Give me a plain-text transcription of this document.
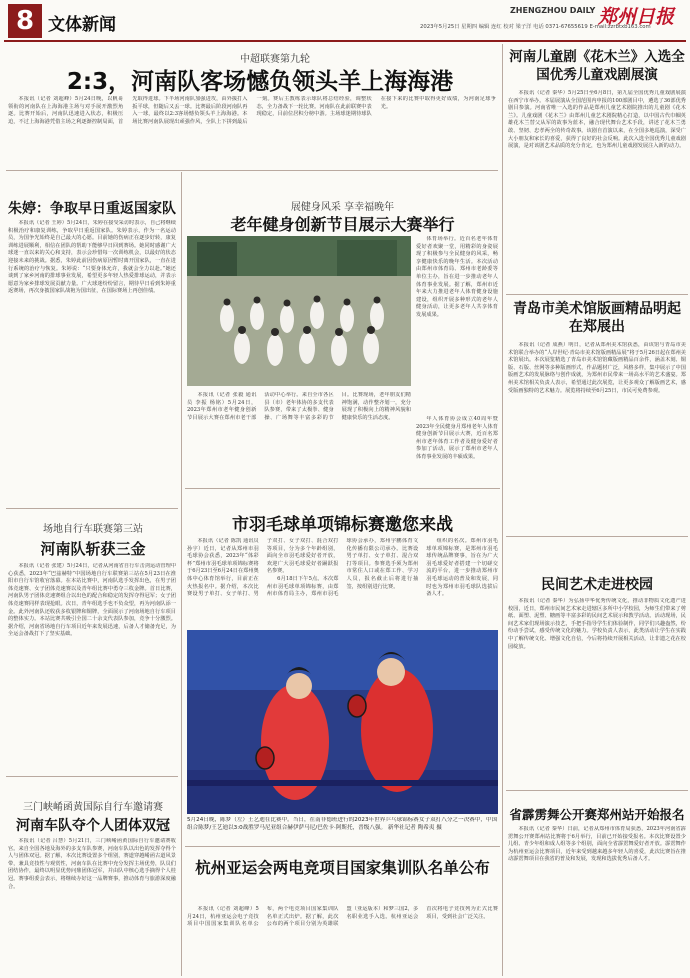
8 文体新闻
ZHENGZHOU DAILY 郑州日报
2023年5月25日 星期四 编辑 连红 校对 梁子洋 电话 0371-67655619 E-mail:zzrbtxb163.com
中超联赛第九轮
2:3，河南队客场憾负领头羊上海海港

本报讯（记者 刘超峰）5月24日晚，以帆哥领衔的河南队在上海海港主场与对手展开激烈角逐。比赛开始后，河南队迅速进入状态，积极压迫，不过上海海港凭借主场之利逐渐控制局面，首先取得进球。下半场河南队加强进攻，由外援打入扳平球，但随后又丢一球。比赛最后阶段河南队再入一球，最终以2:3客场憾负领头羊上海海港。本场比赛河南队展现出顽强作风，全队上下拼到最后一刻。赛后主教练表示球队将总结经验，调整状态，全力备战下一轮比赛。河南队在此前联赛中表现稳定，目前位居积分榜中游。主场球迷期待球队在接下来的比赛中取得更好成绩，为河南足球争光。

朱婷：争取早日重返国家队

本报讯（记者 王婷）5月24日，朱婷在接受采访时表示，自己将继续积极治疗和康复训练，争取早日重返国家队。朱婷表示，作为一名运动员，为国争光始终是自己最大的心愿。目前她的伤病正在逐步好转，康复训练进展顺利，相信在团队的帮助下能够早日回到赛场。她同时感谢广大球迷一直以来的关心和支持，表示会珍惜每一次训练机会，以最好的状态迎接未来的挑战。据悉，朱婷此前因伤病原因暂时离开国家队，一直在进行系统的治疗与恢复。朱婷说：“只要身体允许，我就会全力以赴。”她还谈到了家乡河南的排球事业发展，希望更多年轻人热爱排球运动，并表示愿意为家乡排球发展贡献力量。广大球迷纷纷留言，期待早日看到朱婷重返赛场，再次身披国家队战袍为国出征，在国际赛场上再创佳绩。

场地自行车联赛第三站
河南队斩获三金

本报讯（记者 张建）5月24日，记者从河南省自行车击剑运动管理中心获悉，2023年“巴兹赫特”中国场地自行车联赛第三站在5月23日在淮阳市自行车馆收官落幕。在本站比赛中，河南队选手发挥出色，在男子团体竞速赛、女子团体竞速赛以及青年组比赛中勇夺三枚金牌。首日比赛，河南队男子团体竞速赛组合以出色的配合和稳定的发挥夺得冠军；女子团体竞速赛同样表现抢眼。次日，青年组选手也不负众望，再为河南队添一金。此外河南队还收获多枚银牌和铜牌，全面展示了河南场地自行车项目的整体实力。本站比赛共吸引全国二十余支代表队参加，竞争十分激烈。据介绍，河南省场地自行车项目近年来发展迅速，后备人才储备充足，为全运会备战打下了坚实基础。

三门峡崤函黄国际自行车邀请赛
河南车队夺个人团体双冠

本报讯（记者 吕慧）5月21日，三门峡崤函黄国际自行车邀请赛收官。来自全国各地及海外的多支车队参赛，河南车队以出色的发挥夺得个人与团体双冠。据了解，本次比赛设置多个组别，赛道穿越崤函古道风景带，兼具竞技性与观赏性，河南车队在比赛中充分发挥主场优势，队员们团结协作，最终以明显优势问鼎团体冠军，并由队中核心选手摘得个人桂冠。赛事组委会表示，将继续办好这一品牌赛事，推动体育与旅游深度融合。

展健身风采 享幸福晚年
老年健身创新节目展示大赛举行

体育场举行。近百名老年体育爱好者欢聚一堂，用精彩的身姿展现了积极参与全民健身的风采，畅享健康快乐的晚年生活。本次活动由郑州市体育局、郑州市老龄委等单位主办，旨在进一步推动老年人体育事业发展。据了解，郑州市近年来大力推进老年人体育健身设施建设，组织开展多种形式的老年人健身活动，让更多老年人共享体育发展成果。

本报讯（记者 张毅 通讯员 李振 杨铭）5月24日，2023年郑州市老年健身创新节目展示大赛在郑州市老干部活动中心举行。来自全市各区县（市）老年体协的多支代表队参赛，带来了太极拳、健身操、广场舞等丰富多彩的节目。比赛现场，老年朋友们精神饱满，动作整齐划一，充分展现了积极向上的精神风貌和健康快乐的生活态度。	年人体育协会成立40周年暨2023年全民健身月郑州老年人体育健身创新节目展示大赛，近百名郑州市老年体育工作者及健身爱好者参加了活动，展示了郑州市老年人体育事业发展的丰硕成果。

市羽毛球单项锦标赛邀您来战

本报讯（记者 陈凯 通讯员 孙宇）近日，记者从郑州市羽毛球协会获悉，2023年“体彩杯”郑州市羽毛球单项锦标赛将于6月23日至6月24日在郑州奥体中心体育馆举行，目前正在火热报名中。据介绍，本次比赛设男子单打、女子单打、男子双打、女子双打、混合双打等项目，分为多个年龄组别，面向全市羽毛球爱好者开放，欢迎广大羽毛球爱好者踊跃报名参赛。

6月18日下午5点。本次郑州市羽毛球单项锦标赛，由郑州市体育局主办，郑州市羽毛球协会承办，郑州宇鹏体育文化传播有限公司承办。比赛设男子单打、女子单打、混合双打等项目。参赛选手须为郑州市常住人口或在郑工作、学习人员，报名截止后将进行抽签，按组别进行比赛。

组织的名次。郑州市羽毛球单项锦标赛，是郑州市羽毛球传统品牌赛事，旨在为广大羽毛球爱好者搭建一个切磋交流的平台，进一步推动郑州市羽毛球运动的普及和发展，同时也为郑州市羽毛球队选拔后备人才。

5月24日晚，陈梦（左）王艺迪在比赛中。当日，在南非德班进行的2023年世界乒乓球锦标赛女子双打八分之一决赛中，中国组合陈梦/王艺迪以3:0战胜罗马尼亚组合赫伊萨马尼/巴佐卡·阿斯托，晋级八强。 新华社记者 陶希夷 摄
杭州亚运会两电竞项目国家集训队名单公布

本报讯（记者 刘超峰）5月24日，杭州亚运会电子竞技项目中国国家集训队名单公布，两个电竞项目国家集训队名单正式出炉。据了解，此次公布的两个项目分别为英雄联盟（亚运版本）和梦三国2，多名职业选手入选。杭州亚运会首次将电子竞技列为正式比赛项目，受到社会广泛关注。

河南儿童剧《花木兰》入选全国优秀儿童戏剧展演

本报讯（记者 秦华）5月25日至6月8日，第九届全国优秀儿童戏剧展演在西宁市举办。本届展演从全国范围内申报的100部剧目中，遴选了36部优秀剧目参演。河南省唯一入选的作品是郑州儿童艺术剧院推出的儿童剧《花木兰》。儿童戏剧《花木兰》由郑州儿童艺术剧院精心打造，以中国古代巾帼英雄花木兰替父从军的故事为蓝本，融合现代舞台艺术手段，讲述了花木兰勇敢、坚韧、忠孝两全的传奇故事。该剧自首演以来，在全国多地巡演，深受广大小朋友和家长的喜爱，获得了良好的社会反响。此次入选全国优秀儿童戏剧展演，是对该剧艺术品质的充分肯定，也为郑州儿童戏剧发展注入新的动力。

青岛市美术馆版画精品明起在郑展出

本报讯（记者 成燕）明日，记者从郑州美术馆获悉，由该馆与青岛市美术馆联合举办的“人岸世纪·青岛市美术馆版画精品展”将于5月26日起在郑州美术馆展出。本次展览精选了青岛市美术馆馆藏版画精品百余件，涵盖木刻、铜版、石版、丝网等多种版画形式，作品题材广泛，风格多样，集中展示了中国版画艺术的发展脉络与创作成就，为郑州市民带来一场高水平的艺术盛宴。郑州美术馆相关负责人表示，希望通过此次展览，让更多观众了解版画艺术，感受版画独特的艺术魅力。展览将持续至6月25日，市民可免费参观。

民间艺术走进校园

本报讯（记者 秦华）为弘扬中华优秀传统文化，推动非物质文化遗产进校园，近日，郑州市民间艺术家走进辖区多所中小学校园，为师生们带来了剪纸、面塑、泥塑、糖画等丰富多彩的民间艺术展示和教学活动。活动现场，民间艺术家们现场演示技艺，手把手指导学生们体验制作，同学们兴趣盎然，纷纷动手尝试，感受传统文化的魅力。学校负责人表示，此类活动让学生在实践中了解传统文化、增强文化自信，今后将持续开展相关活动，让非遗之花在校园绽放。

省霹雳舞公开赛郑州站开始报名

本报讯（记者 秦华）日前，记者从郑州市体育局获悉，2023年河南省霹雳舞公开赛郑州站比赛将于6月举行，目前已开始接受报名。本次比赛设置少儿组、青少年组和成人组等多个组别，面向全省霹雳舞爱好者开放。霹雳舞作为杭州亚运会比赛项目，近年来受到越来越多年轻人的喜爱，此次比赛旨在推动霹雳舞项目在我省的普及和发展，发现和选拔优秀后备人才。
